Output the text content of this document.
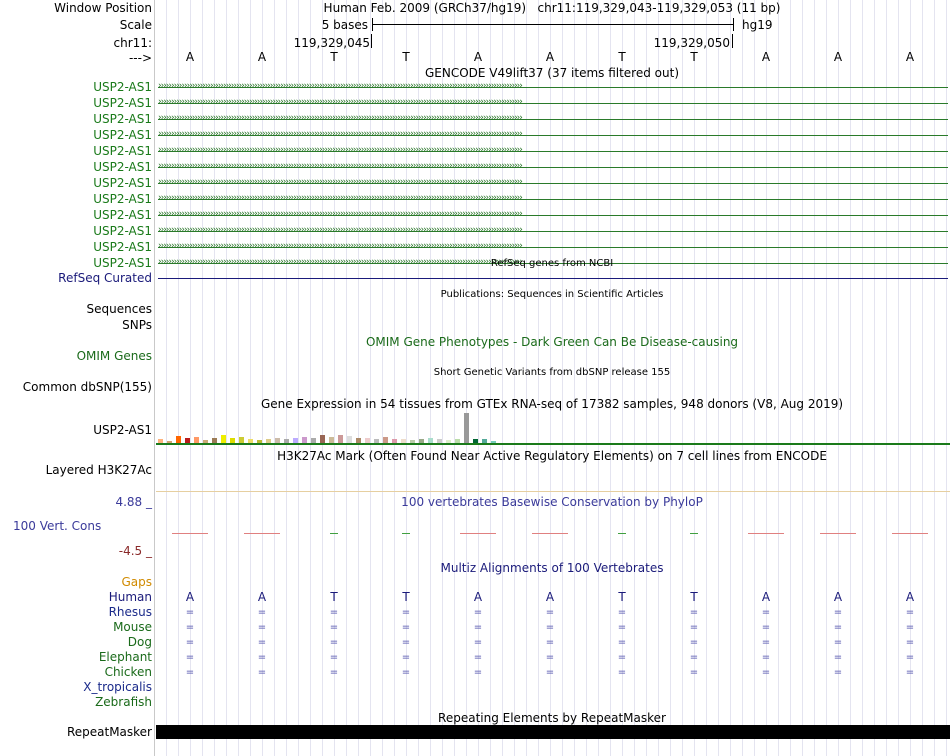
Window Position
Scale
chr11:
--->
Human Feb. 2009 (GRCh37/hg19)   chr11:119,329,043-119,329,053 (11 bp)
5 bases	hg19
119,329,045	119,329,050
A	A	T	T	A	A	T	T	A	A	A
GENCODE V49lift37 (37 items filtered out)
USP2-AS1 ››››››››››››››››››››››››››››››››››››››››››››››››››››››››››››››››››››››››››››››››››››››››››››››››››››››››››››››››››››››››››››››››››››››››››››
USP2-AS1 ››››››››››››››››››››››››››››››››››››››››››››››››››››››››››››››››››››››››››››››››››››››››››››››››››››››››››››››››››››››››››››››››››››››››››››
USP2-AS1 ››››››››››››››››››››››››››››››››››››››››››››››››››››››››››››››››››››››››››››››››››››››››››››››››››››››››››››››››››››››››››››››››››››››››››››
USP2-AS1 ››››››››››››››››››››››››››››››››››››››››››››››››››››››››››››››››››››››››››››››››››››››››››››››››››››››››››››››››››››››››››››››››››››››››››››
USP2-AS1 ››››››››››››››››››››››››››››››››››››››››››››››››››››››››››››››››››››››››››››››››››››››››››››››››››››››››››››››››››››››››››››››››››››››››››››
USP2-AS1 ››››››››››››››››››››››››››››››››››››››››››››››››››››››››››››››››››››››››››››››››››››››››››››››››››››››››››››››››››››››››››››››››››››››››››››
USP2-AS1 ››››››››››››››››››››››››››››››››››››››››››››››››››››››››››››››››››››››››››››››››››››››››››››››››››››››››››››››››››››››››››››››››››››››››››››
USP2-AS1 ››››››››››››››››››››››››››››››››››››››››››››››››››››››››››››››››››››››››››››››››››››››››››››››››››››››››››››››››››››››››››››››››››››››››››››
USP2-AS1 ››››››››››››››››››››››››››››››››››››››››››››››››››››››››››››››››››››››››››››››››››››››››››››››››››››››››››››››››››››››››››››››››››››››››››››
USP2-AS1 ››››››››››››››››››››››››››››››››››››››››››››››››››››››››››››››››››››››››››››››››››››››››››››››››››››››››››››››››››››››››››››››››››››››››››››
USP2-AS1 ››››››››››››››››››››››››››››››››››››››››››››››››››››››››››››››››››››››››››››››››››››››››››››››››››››››››››››››››››››››››››››››››››››››››››››
USP2-AS1 ››››››››››››››››››››››››››››››››››››››››››››››››››››››››››››››››››››››››››››››››››››››››››››››››››››››››››››››››››››››››››››››››››››››››››››
RefSeq genes from NCBI
RefSeq Curated
Publications: Sequences in Scientific Articles
Sequences
SNPs
OMIM Gene Phenotypes - Dark Green Can Be Disease-causing
OMIM Genes
Short Genetic Variants from dbSNP release 155
Common dbSNP(155)
Gene Expression in 54 tissues from GTEx RNA-seq of 17382 samples, 948 donors (V8, Aug 2019)
USP2-AS1
H3K27Ac Mark (Often Found Near Active Regulatory Elements) on 7 cell lines from ENCODE
Layered H3K27Ac
100 vertebrates Basewise Conservation by PhyloP
4.88 _
100 Vert. Cons
-4.5 _
Multiz Alignments of 100 Vertebrates
Gaps
Human	A	A	T	T	A	A	T	T	A	A	A
Rhesus	=	=	=	=	=	=	=	=	=	=	=
Mouse	=	=	=	=	=	=	=	=	=	=	=
Dog	=	=	=	=	=	=	=	=	=	=	=
Elephant	=	=	=	=	=	=	=	=	=	=	=
Chicken	=	=	=	=	=	=	=	=	=	=	=
X_tropicalis
Zebrafish
Repeating Elements by RepeatMasker
RepeatMasker
